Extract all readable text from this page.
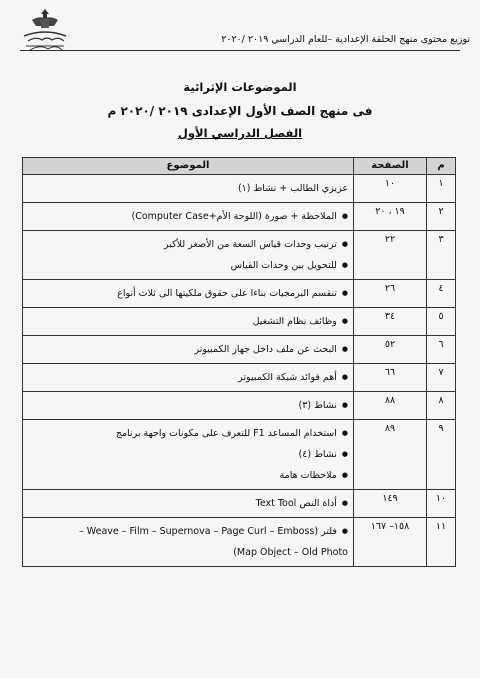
توزيع محتوى منهج الحلقة الإعدادية –للعام الدراسي ٢٠١٩ /٢٠٢٠
الموضوعات الإثرائية
فى منهج الصف الأول الإعدادى ٢٠١٩ /٢٠٢٠ م
الفصل الدراسي الأول
م	الصفحة	الموضوع
١	١٠	عزيزي الطالب + نشاط (١)

٢	١٩ ، ٢٠	● الملاحظة + صورة (اللوحة الأم+Computer Case)

٣	٢٢	● ترتيب وحدات قياس السعة من الأصغر للأكبر
● للتحويل بين وحدات القياس

٤	٢٦	● تنقسم البرمجيات بناءا على حقوق ملكيتها الى ثلاث أنواع

٥	٣٤	● وظائف نظام التشغيل

٦	٥٢	● البحث عن ملف داخل جهاز الكمبيوتر

٧	٦٦	● أهم فوائد شبكة الكمبيوتر

٨	٨٨	● نشاط (٣)

٩	٨٩	● استخدام المساعد F1 للتعرف على مكونات واجهة برنامج
● نشاط (٤)
● ملاحظات هامة

١٠	١٤٩	● أداة النص Text Tool

١١	١٥٨– ١٦٧	● فلتر (Weave – Film – Supernova – Page Curl – Emboss –
Map Object – Old Photo)
